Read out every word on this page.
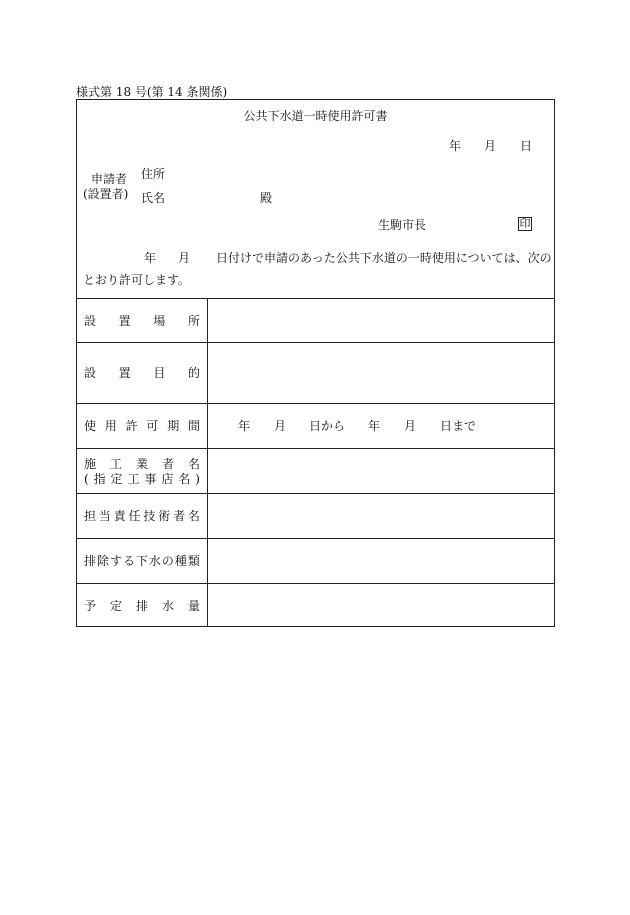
様式第 18 号(第 14 条関係)
公共下水道一時使用許可書
年 月 日
申請者
(設置者)
住所
氏名	殿
生駒市長	印
年 月 日付けで申請のあった公共下水道の一時使用については、次の
とおり許可します。
設 置 場 所
設 置 目 的
使 用 許 可 期 間
施 工 業 者 名
( 指 定 工 事 店 名 )
担 当 責 任 技 術 者 名
排 除 す る 下 水 の 種 類
予 定 排 水 量
年 月 日から 年 月 日まで
